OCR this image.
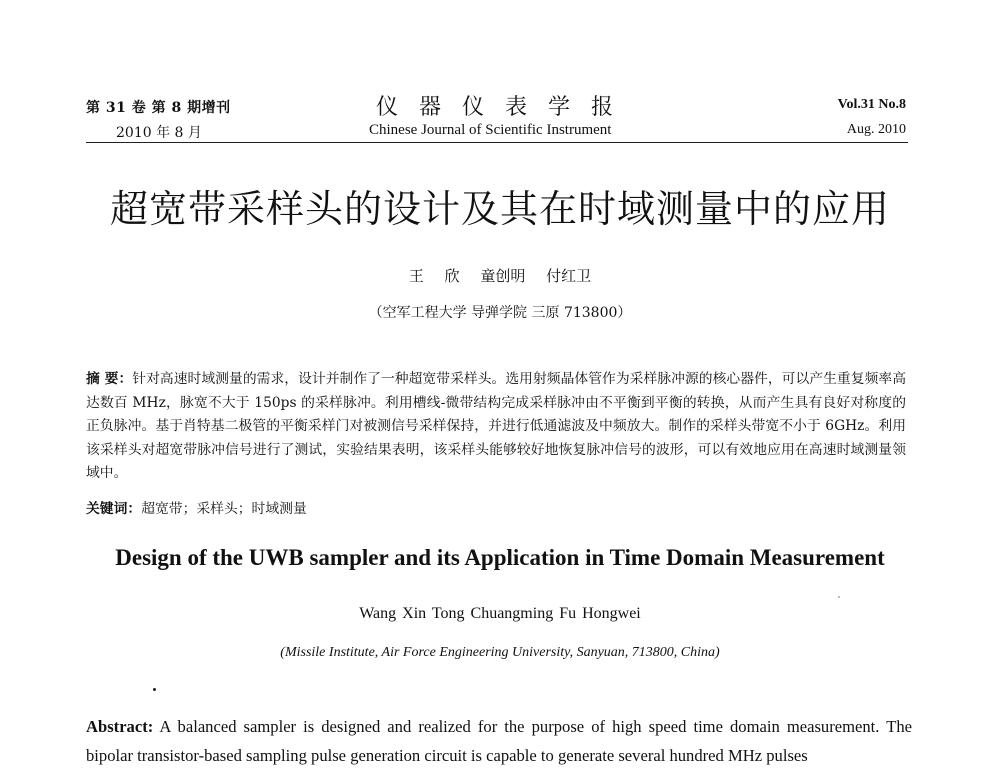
第 31 卷 第 8 期增刊
2010 年 8 月
仪器仪表学报
Chinese Journal of Scientific Instrument
Vol.31 No.8
Aug. 2010
超宽带采样头的设计及其在时域测量中的应用
王 欣 童创明 付红卫
（空军工程大学 导弹学院 三原 713800）
摘 要：针对高速时域测量的需求，设计并制作了一种超宽带采样头。选用射频晶体管作为采样脉冲源的核心器件，可以产生重复频率高达数百 MHz，脉宽不大于 150ps 的采样脉冲。利用槽线-微带结构完成采样脉冲由不平衡到平衡的转换，从而产生具有良好对称度的正负脉冲。基于肖特基二极管的平衡采样门对被测信号采样保持，并进行低通滤波及中频放大。制作的采样头带宽不小于 6GHz。利用该采样头对超宽带脉冲信号进行了测试，实验结果表明，该采样头能够较好地恢复脉冲信号的波形，可以有效地应用在高速时域测量领域中。
关键词：超宽带；采样头；时域测量
Design of the UWB sampler and its Application in Time Domain Measurement
Wang Xin Tong Chuangming Fu Hongwei
(Missile Institute, Air Force Engineering University, Sanyuan, 713800, China)
Abstract: A balanced sampler is designed and realized for the purpose of high speed time domain measurement. The bipolar transistor-based sampling pulse generation circuit is capable to generate several hundred MHz pulses
